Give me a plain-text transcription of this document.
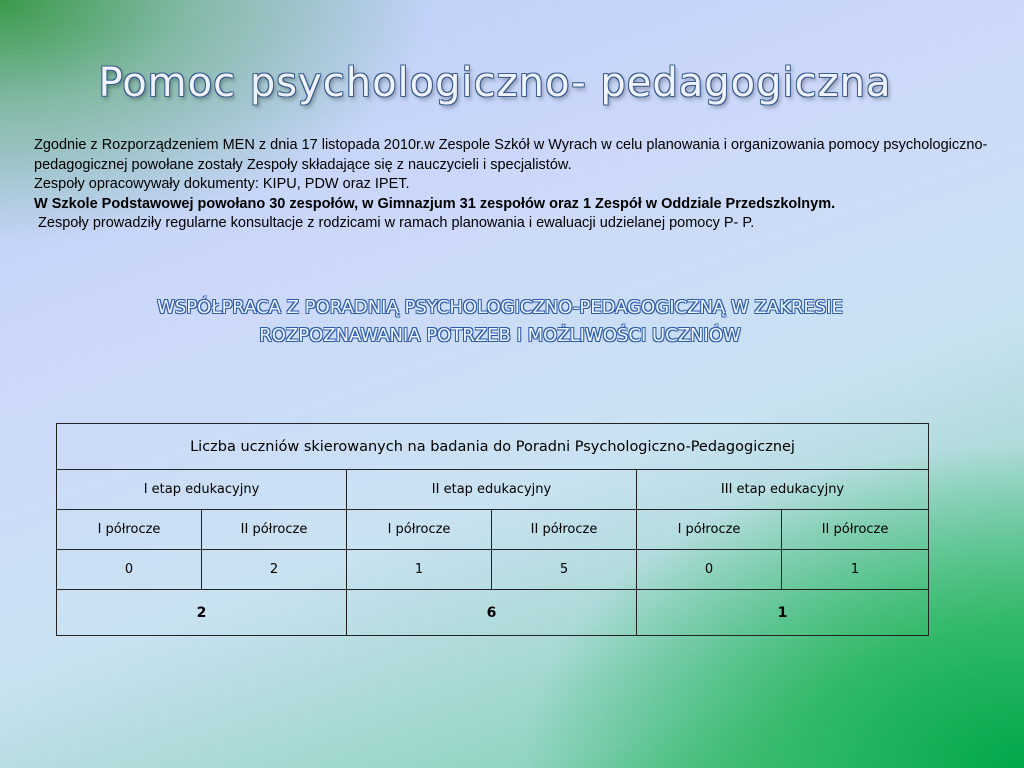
Pomoc psychologiczno- pedagogiczna

Zgodnie z Rozporządzeniem MEN z dnia 17 listopada 2010r.w Zespole Szkół w Wyrach w celu planowania i organizowania pomocy psychologiczno-pedagogicznej powołane zostały Zespoły składające się z nauczycieli i specjalistów.

Zespoły opracowywały dokumenty: KIPU, PDW oraz IPET.

W Szkole Podstawowej powołano 30 zespołów, w Gimnazjum 31 zespołów oraz 1 Zespół w Oddziale Przedszkolnym.

Zespoły prowadziły regularne konsultacje z rodzicami w ramach planowania i ewaluacji udzielanej pomocy P- P.

WSPÓŁPRACA Z PORADNIĄ PSYCHOLOGICZNO-PEDAGOGICZNĄ W ZAKRESIE
ROZPOZNAWANIA POTRZEB I MOŻLIWOŚCI UCZNIÓW
Liczba uczniów skierowanych na badania do Poradni Psychologiczno-Pedagogicznej					
I etap edukacyjny		II etap edukacyjny		III etap edukacyjny	
I półrocze	II półrocze	I półrocze	II półrocze	I półrocze	II półrocze
0	2	1	5	0	1
2		6		1	
